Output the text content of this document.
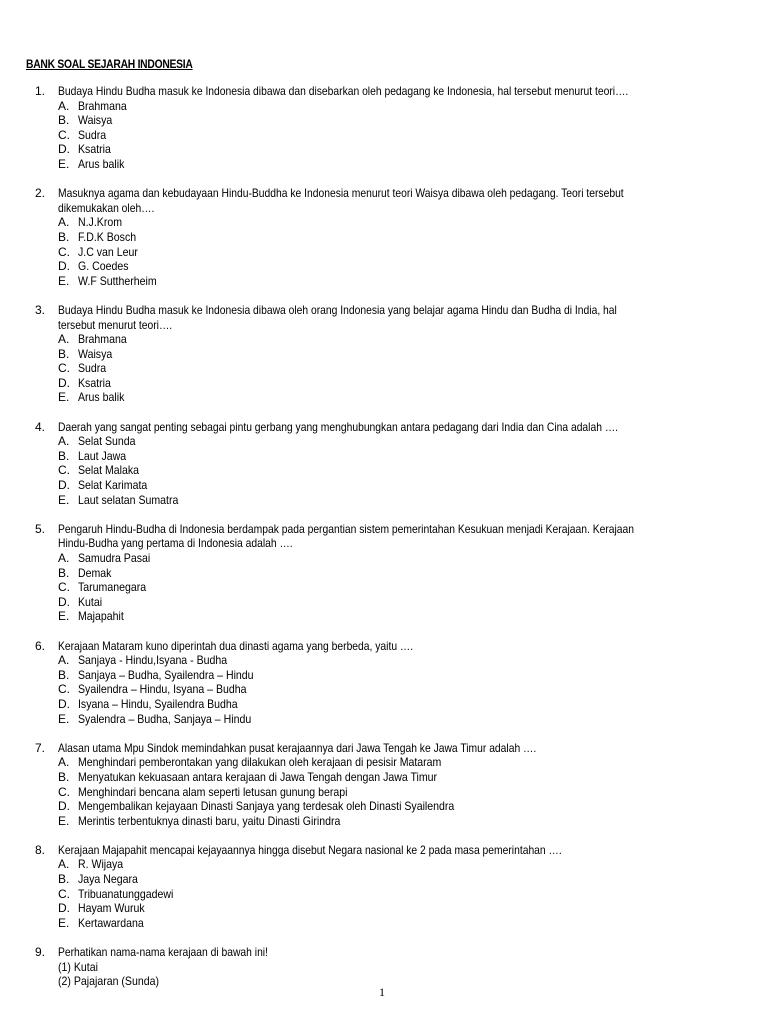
BANK SOAL SEJARAH INDONESIA
1. Budaya Hindu Budha masuk ke Indonesia dibawa dan disebarkan oleh pedagang ke Indonesia, hal tersebut menurut teori….
A. Brahmana
B. Waisya
C. Sudra
D. Ksatria
E. Arus balik
2. Masuknya agama dan kebudayaan Hindu-Buddha ke Indonesia menurut teori Waisya dibawa oleh pedagang. Teori tersebut
dikemukakan oleh….
A. N.J.Krom
B. F.D.K Bosch
C. J.C van Leur
D. G. Coedes
E. W.F Suttherheim
3. Budaya Hindu Budha masuk ke Indonesia dibawa oleh orang Indonesia yang belajar agama Hindu dan Budha di India, hal
tersebut menurut teori….
A. Brahmana
B. Waisya
C. Sudra
D. Ksatria
E. Arus balik
4. Daerah yang sangat penting sebagai pintu gerbang yang menghubungkan antara pedagang dari India dan Cina adalah ….
A. Selat Sunda
B. Laut Jawa
C. Selat Malaka
D. Selat Karimata
E. Laut selatan Sumatra
5. Pengaruh Hindu-Budha di Indonesia berdampak pada pergantian sistem pemerintahan Kesukuan menjadi Kerajaan. Kerajaan
Hindu-Budha yang pertama di Indonesia adalah ….
A. Samudra Pasai
B. Demak
C. Tarumanegara
D. Kutai
E. Majapahit
6. Kerajaan Mataram kuno diperintah dua dinasti agama yang berbeda, yaitu ….
A. Sanjaya - Hindu,Isyana - Budha
B. Sanjaya – Budha, Syailendra – Hindu
C. Syailendra – Hindu, Isyana – Budha
D. Isyana – Hindu, Syailendra Budha
E. Syalendra – Budha, Sanjaya – Hindu
7. Alasan utama Mpu Sindok memindahkan pusat kerajaannya dari Jawa Tengah ke Jawa Timur adalah ….
A. Menghindari pemberontakan yang dilakukan oleh kerajaan di pesisir Mataram
B. Menyatukan kekuasaan antara kerajaan di Jawa Tengah dengan Jawa Timur
C. Menghindari bencana alam seperti letusan gunung berapi
D. Mengembalikan kejayaan Dinasti Sanjaya yang terdesak oleh Dinasti Syailendra
E. Merintis terbentuknya dinasti baru, yaitu Dinasti Girindra
8. Kerajaan Majapahit mencapai kejayaannya hingga disebut Negara nasional ke 2 pada masa pemerintahan ….
A. R. Wijaya
B. Jaya Negara
C. Tribuanatunggadewi
D. Hayam Wuruk
E. Kertawardana
9. Perhatikan nama-nama kerajaan di bawah ini!
(1) Kutai
(2) Pajajaran (Sunda)
1
